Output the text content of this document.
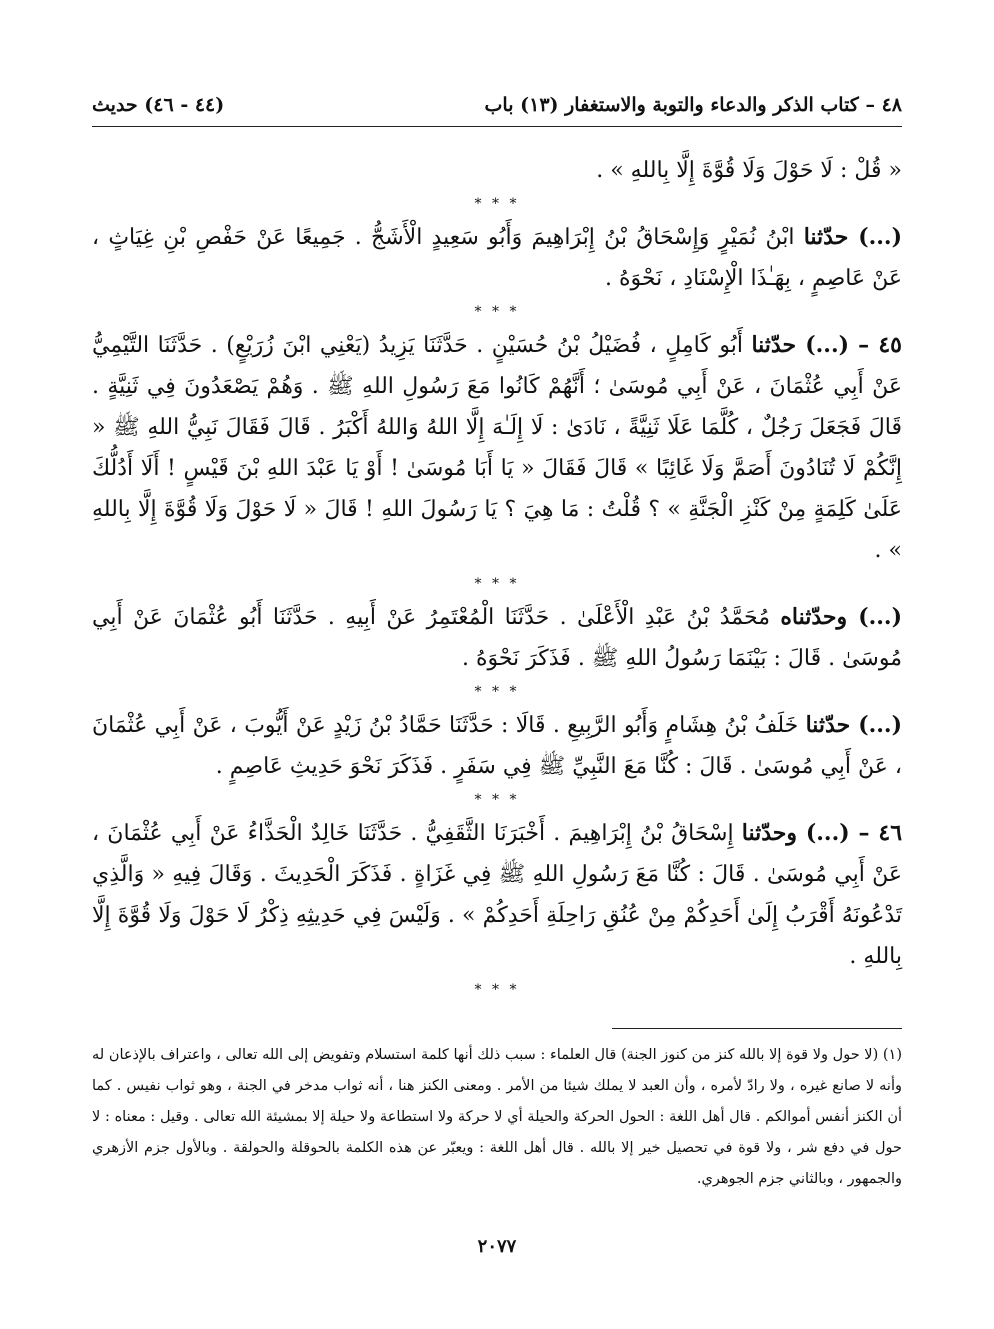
٤٨ – كتاب الذكر والدعاء والتوبة والاستغفار (١٣) باب
(٤٤ - ٤٦) حديث

« قُلْ : لَا حَوْلَ وَلَا قُوَّةَ إِلَّا بِاللهِ » .

* * *

(...) حدّثنا ابْنُ نُمَيْرٍ وَإِسْحَاقُ بْنُ إِبْرَاهِيمَ وَأَبُو سَعِيدٍ الْأَشَجُّ . جَمِيعًا عَنْ حَفْصِ بْنِ غِيَاثٍ ، عَنْ عَاصِمٍ ، بِهَـٰذَا الْإِسْنَادِ ، نَحْوَهُ .

* * *

٤٥ – (...) حدّثنا أَبُو كَامِلٍ ، فُضَيْلُ بْنُ حُسَيْنٍ . حَدَّثَنَا يَزِيدُ (يَعْنِي ابْنَ زُرَيْعٍ) . حَدَّثَنَا التَّيْمِيُّ عَنْ أَبِي عُثْمَانَ ، عَنْ أَبِي مُوسَىٰ ؛ أَنَّهُمْ كَانُوا مَعَ رَسُولِ اللهِ ﷺ . وَهُمْ يَصْعَدُونَ فِي ثَنِيَّةٍ . قَالَ فَجَعَلَ رَجُلٌ ، كُلَّمَا عَلَا ثَنِيَّةً ، نَادَىٰ : لَا إِلَـٰهَ إِلَّا اللهُ وَاللهُ أَكْبَرُ . قَالَ فَقَالَ نَبِيُّ اللهِ ﷺ « إِنَّكُمْ لَا تُنَادُونَ أَصَمَّ وَلَا غَائِبًا » قَالَ فَقَالَ « يَا أَبَا مُوسَىٰ ! أَوْ يَا عَبْدَ اللهِ بْنَ قَيْسٍ ! أَلَا أَدُلُّكَ عَلَىٰ كَلِمَةٍ مِنْ كَنْزِ الْجَنَّةِ » ؟ قُلْتُ : مَا هِيَ ؟ يَا رَسُولَ اللهِ ! قَالَ « لَا حَوْلَ وَلَا قُوَّةَ إِلَّا بِاللهِ » .

* * *

(...) وحدّثناه مُحَمَّدُ بْنُ عَبْدِ الْأَعْلَىٰ . حَدَّثَنَا الْمُعْتَمِرُ عَنْ أَبِيهِ . حَدَّثَنَا أَبُو عُثْمَانَ عَنْ أَبِي مُوسَىٰ . قَالَ : بَيْنَمَا رَسُولُ اللهِ ﷺ . فَذَكَرَ نَحْوَهُ .

* * *

(...) حدّثنا خَلَفُ بْنُ هِشَامٍ وَأَبُو الرَّبِيعِ . قَالَا : حَدَّثَنَا حَمَّادُ بْنُ زَيْدٍ عَنْ أَيُّوبَ ، عَنْ أَبِي عُثْمَانَ ، عَنْ أَبِي مُوسَىٰ . قَالَ : كُنَّا مَعَ النَّبِيِّ ﷺ فِي سَفَرٍ . فَذَكَرَ نَحْوَ حَدِيثِ عَاصِمٍ .

* * *

٤٦ – (...) وحدّثنا إِسْحَاقُ بْنُ إِبْرَاهِيمَ . أَخْبَرَنَا الثَّقَفِيُّ . حَدَّثَنَا خَالِدٌ الْحَذَّاءُ عَنْ أَبِي عُثْمَانَ ، عَنْ أَبِي مُوسَىٰ . قَالَ : كُنَّا مَعَ رَسُولِ اللهِ ﷺ فِي غَزَاةٍ . فَذَكَرَ الْحَدِيثَ . وَقَالَ فِيهِ « وَالَّذِي تَدْعُونَهُ أَقْرَبُ إِلَىٰ أَحَدِكُمْ مِنْ عُنُقِ رَاحِلَةِ أَحَدِكُمْ » . وَلَيْسَ فِي حَدِيثِهِ ذِكْرُ لَا حَوْلَ وَلَا قُوَّةَ إِلَّا بِاللهِ .

* * *

(١) (لا حول ولا قوة إلا بالله كنز من كنوز الجنة) قال العلماء : سبب ذلك أنها كلمة استسلام وتفويض إلى الله تعالى ، واعتراف بالإذعان له وأنه لا صانع غيره ، ولا رادّ لأمره ، وأن العبد لا يملك شيئا من الأمر . ومعنى الكنز هنا ، أنه ثواب مدخر في الجنة ، وهو ثواب نفيس . كما أن الكنز أنفس أموالكم . قال أهل اللغة : الحول الحركة والحيلة أي لا حركة ولا استطاعة ولا حيلة إلا بمشيئة الله تعالى . وقيل : معناه : لا حول في دفع شر ، ولا قوة في تحصيل خير إلا بالله . قال أهل اللغة : ويعبّر عن هذه الكلمة بالحوقلة والحولقة . وبالأول جزم الأزهري والجمهور ، وبالثاني جزم الجوهري.

٢٠٧٧
